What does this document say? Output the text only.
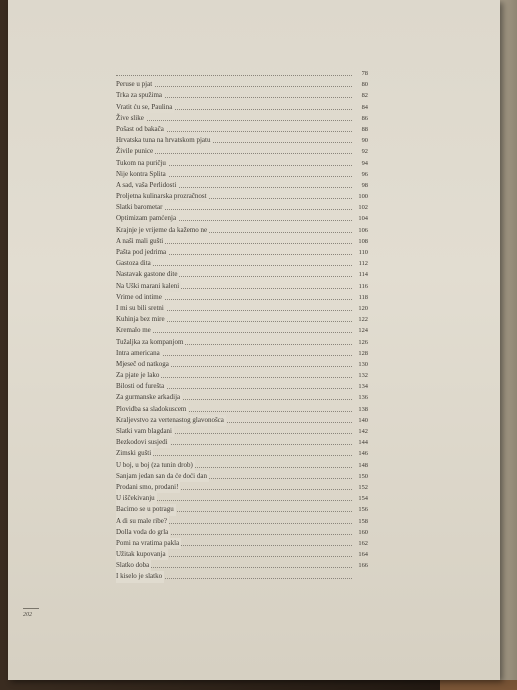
78
Peruse u pjat	80
Trka za spužima	82
Vratit ću se, Paulina	84
Žive slike	86
Pošast od bakača	88
Hrvatska tuna na hrvatskom pjatu	90
Živile punice	92
Tukom na puričju	94
Nije kontra Splita	96
A sad, vaša Perlidosti	98
Proljetna kulinarska prozračnost	100
Slatki barometar	102
Optimizam pamćenja	104
Krajnje je vrijeme da kažemo ne	106
A naši mali gušti	108
Pašta pod jedrima	110
Gastoza dita	112
Nastavak gastone dite	114
Na Uški marani kaleni	116
Vrime od intime	118
I mi su bili sretni	120
Kuhinja bez mire	122
Kremalo me	124
Tužaljka za kompanjom	126
Intra americana	128
Mjeseč od natkoga	130
Za pjate je lako	132
Bilosti od fureštа	134
Za gurmanske arkadija	136
Plovidba sa sladokuscem	138
Kraljevstvo za vertenastog glavonošca	140
Slatki vam blagdani	142
Bezkodovi susjedi	144
Zimski gušti	146
U boj, u boj (za tunin drob)	148
Sanjam jedan san da će doći dan	150
Prodani smo, prodani!	152
U iščekivanju	154
Bacimo se u potragu	156
A di su male ribe?	158
Dolla voda do grla	160
Pomi na vratima pakla	162
Užitak kupovanja	164
Slatko doba	166
I kiselo je slatko
202
